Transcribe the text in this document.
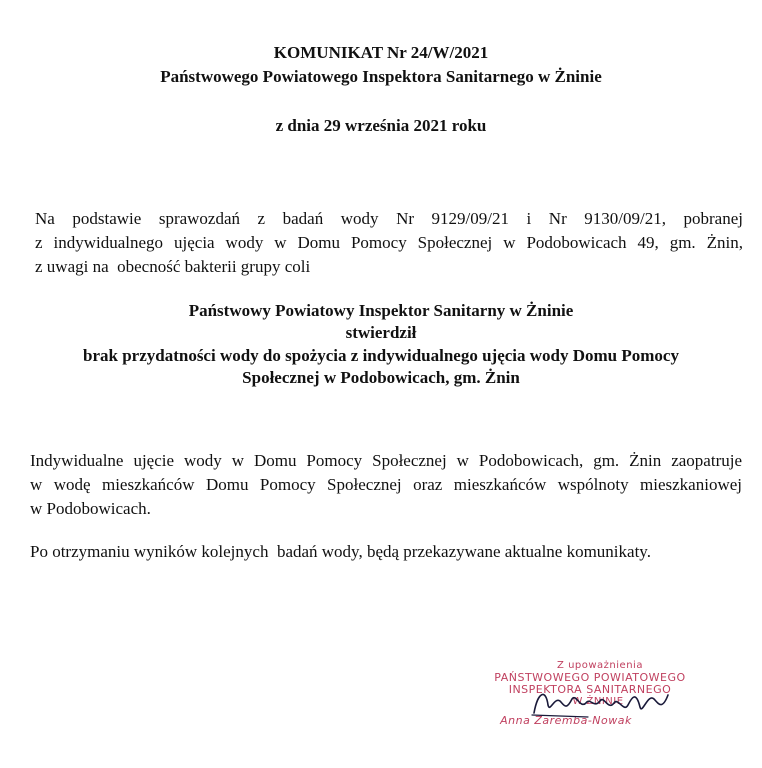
KOMUNIKAT Nr 24/W/2021
Państwowego Powiatowego Inspektora Sanitarnego w Żninie
z dnia 29 września 2021 roku
Na podstawie sprawozdań z badań wody Nr 9129/09/21 i Nr 9130/09/21, pobranej
z indywidualnego ujęcia wody w Domu Pomocy Społecznej w Podobowicach 49, gm. Żnin,
z uwagi na  obecność bakterii grupy coli
Państwowy Powiatowy Inspektor Sanitarny w Żninie
stwierdził
brak przydatności wody do spożycia z indywidualnego ujęcia wody Domu Pomocy
Społecznej w Podobowicach, gm. Żnin
Indywidualne ujęcie wody w Domu Pomocy Społecznej w Podobowicach, gm. Żnin zaopatruje
w wodę mieszkańców Domu Pomocy Społecznej oraz mieszkańców wspólnoty mieszkaniowej
w Podobowicach.
Po otrzymaniu wyników kolejnych  badań wody, będą przekazywane aktualne komunikaty.
Z upoważnienia
PAŃSTWOWEGO POWIATOWEGO
INSPEKTORA SANITARNEGO
W ŻNINIE
Anna Zaremba-Nowak
